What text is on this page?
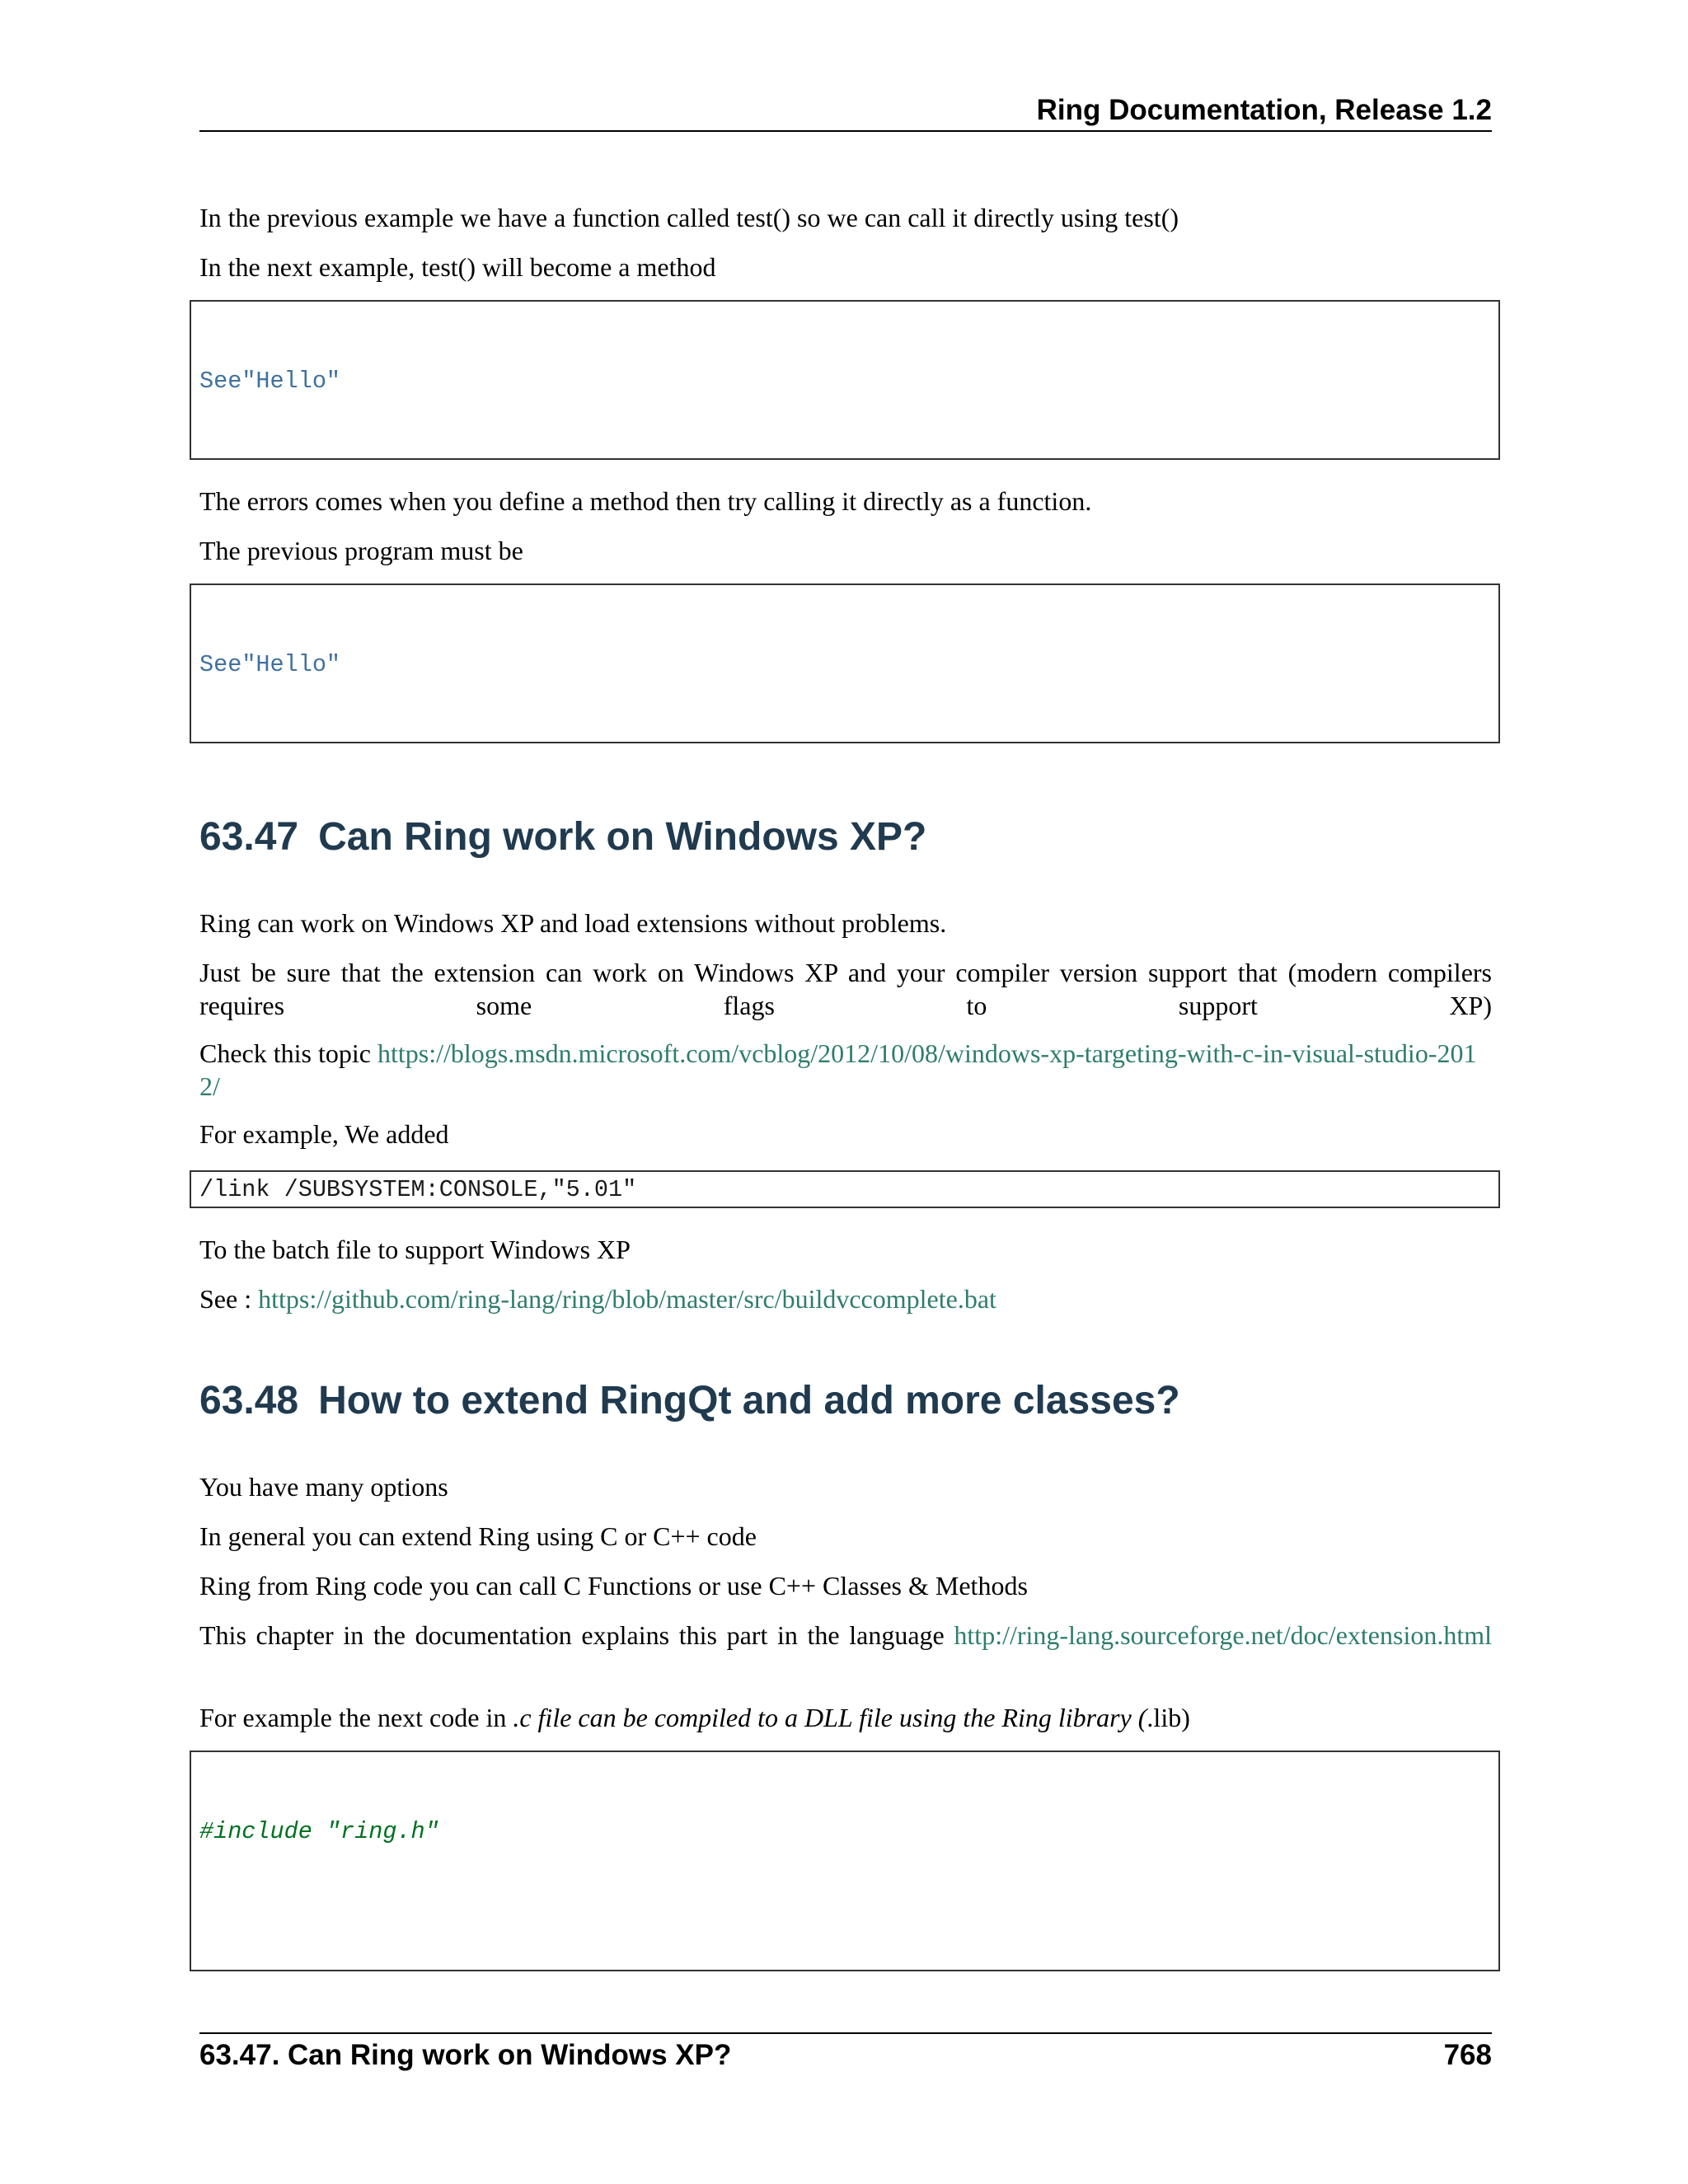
Ring Documentation, Release 1.2

In the previous example we have a function called test() so we can call it directly using test()

In the next example, test() will become a method

See"Hello"

The errors comes when you define a method then try calling it directly as a function.

The previous program must be

See"Hello"

63.47 Can Ring work on Windows XP?

Ring can work on Windows XP and load extensions without problems.

Just be sure that the extension can work on Windows XP and your compiler version support that (modern compilers requires some flags to support XP)

Check this topic https://blogs.msdn.microsoft.com/vcblog/2012/10/08/windows-xp-targeting-with-c-in-visual-studio-2012/

For example, We added

/link /SUBSYSTEM:CONSOLE,"5.01"

To the batch file to support Windows XP

See : https://github.com/ring-lang/ring/blob/master/src/buildvccomplete.bat

63.48 How to extend RingQt and add more classes?

You have many options

In general you can extend Ring using C or C++ code

Ring from Ring code you can call C Functions or use C++ Classes & Methods

This chapter in the documentation explains this part in the language http://ring-lang.sourceforge.net/doc/extension.html

For example the next code in .c file can be compiled to a DLL file using the Ring library (.lib)

#include "ring.h"

63.47. Can Ring work on Windows XP?	768
